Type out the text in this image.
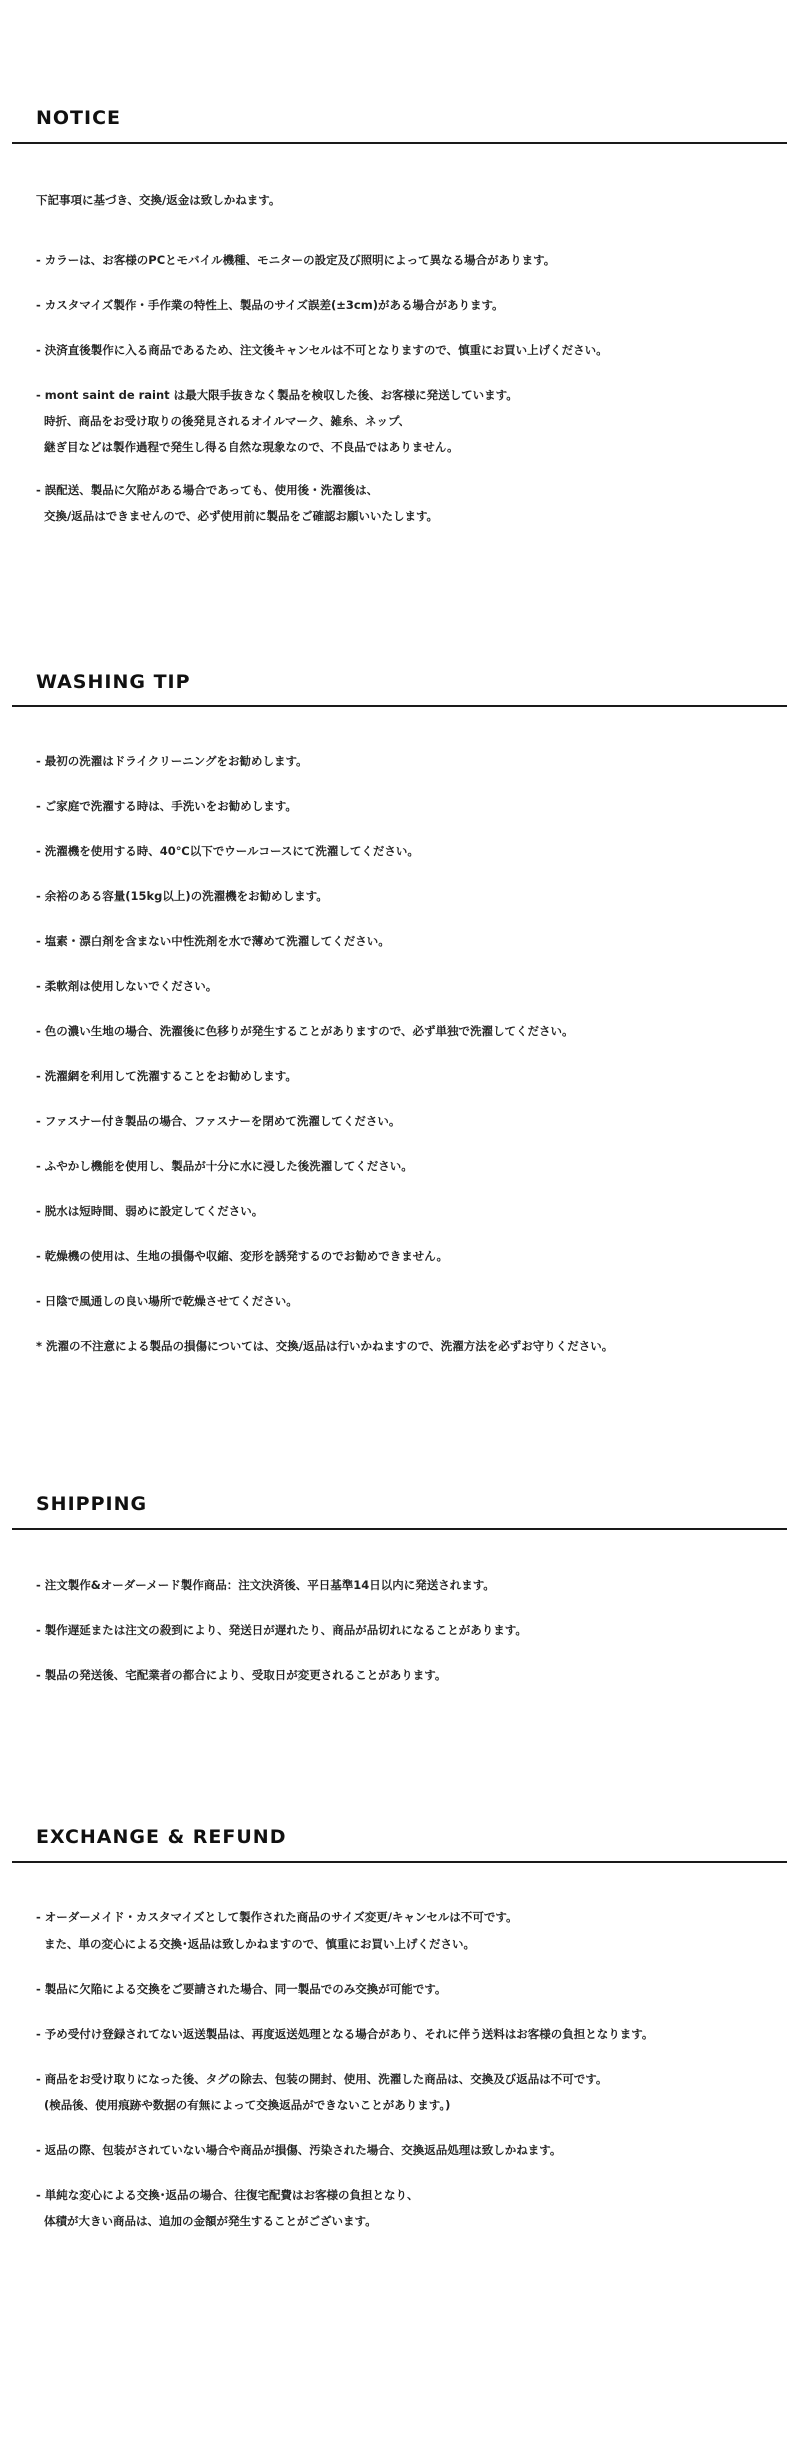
NOTICE

下記事項に基づき、交換/返金は致しかねます。

- カラーは、お客様のPCとモバイル機種、モニターの設定及び照明によって異なる場合があります。

- カスタマイズ製作・手作業の特性上、製品のサイズ誤差(±3cm)がある場合があります。

- 決済直後製作に入る商品であるため、注文後キャンセルは不可となりますので、慎重にお買い上げください。

- mont saint de raint は最大限手抜きなく製品を検収した後、お客様に発送しています。

時折、商品をお受け取りの後発見されるオイルマーク、雑糸、ネップ、

継ぎ目などは製作過程で発生し得る自然な現象なので、不良品ではありません。

- 誤配送、製品に欠陥がある場合であっても、使用後・洗濯後は、

交換/返品はできませんので、必ず使用前に製品をご確認お願いいたします。

WASHING TIP

- 最初の洗濯はドライクリーニングをお勧めします。

- ご家庭で洗濯する時は、手洗いをお勧めします。

- 洗濯機を使用する時、40℃以下でウールコースにて洗濯してください。

- 余裕のある容量(15kg以上)の洗濯機をお勧めします。

- 塩素・漂白剤を含まない中性洗剤を水で薄めて洗濯してください。

- 柔軟剤は使用しないでください。

- 色の濃い生地の場合、洗濯後に色移りが発生することがありますので、必ず単独で洗濯してください。

- 洗濯網を利用して洗濯することをお勧めします。

- ファスナー付き製品の場合、ファスナーを閉めて洗濯してください。

- ふやかし機能を使用し、製品が十分に水に浸した後洗濯してください。

- 脱水は短時間、弱めに設定してください。

- 乾燥機の使用は、生地の損傷や収縮、変形を誘発するのでお勧めできません。

- 日陰で風通しの良い場所で乾燥させてください。

* 洗濯の不注意による製品の損傷については、交換/返品は行いかねますので、洗濯方法を必ずお守りください。

SHIPPING

- 注文製作&オーダーメード製作商品：注文決済後、平日基準14日以内に発送されます。

- 製作遅延または注文の殺到により、発送日が遅れたり、商品が品切れになることがあります。

- 製品の発送後、宅配業者の都合により、受取日が変更されることがあります。

EXCHANGE & REFUND

- オーダーメイド・カスタマイズとして製作された商品のサイズ変更/キャンセルは不可です。

また、単の変心による交換･返品は致しかねますので、慎重にお買い上げください。

- 製品に欠陥による交換をご要請された場合、同一製品でのみ交換が可能です。

- 予め受付け登録されてない返送製品は、再度返送処理となる場合があり、それに伴う送料はお客様の負担となります。

- 商品をお受け取りになった後、タグの除去、包装の開封、使用、洗濯した商品は、交換及び返品は不可です。

(検品後、使用痕跡や数据の有無によって交換返品ができないことがあります。)

- 返品の際、包装がされていない場合や商品が損傷、汚染された場合、交換返品処理は致しかねます。

- 単純な変心による交換･返品の場合、往復宅配費はお客様の負担となり、

体積が大きい商品は、追加の金額が発生することがございます。
